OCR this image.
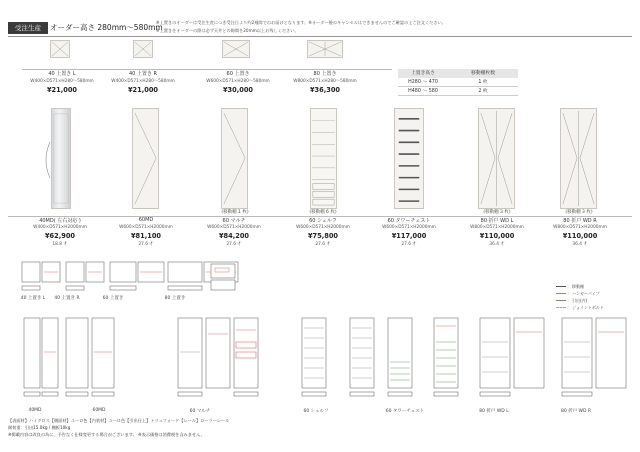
受注生産	オーダー高さ 280mm〜580mm
※上置きのオーダーは受注生産につき受注日より約2週間でのお届けとなります。※オーダー後のキャンセルはできませんのでご確認の上ご注文ください。
※上置きをオーダーの際は必ず天井との隙間を20mm以上お残しください。
40 上置き L
W400×D571×H280〜580mm
¥21,000
40 上置き R
W400×D571×H280〜580mm
¥21,000
60 上置き
W600×D571×H280〜580mm
¥30,000
80 上置き
W800×D571×H280〜580mm
¥36,300
上置き高さ	移動棚枚数
H280 〜 470	1 枚
H480 〜 580	2 枚
(移動棚 1 枚)	(移動棚 6 枚)	(移動棚 3 枚)	(移動棚 3 枚)
40MD( 左右対応 )
W400×D571×H2000mm
¥62,900
18.8 才
60MD
W600×D571×H2000mm
¥81,100
27.6 才
60 マルチ
W600×D571×H2000mm
¥84,200
27.6 才
60 シェルフ
W600×D571×H2000mm
¥75,800
27.6 才
60 タワーチェスト
W600×D571×H2000mm
¥117,000
27.6 才
80 折戸 WD L
W800×D571×H2000mm
¥110,000
36.4 才
80 折戸 WD R
W800×D571×H2000mm
¥110,000
36.4 才
40 上置き L	40 上置き R	60 上置き	80 上置き
：移動棚
：ハンガーパイプ
：引出(内)
：ジョイントボルト
40MD	60MD	60 マルチ	60 シェルフ	60 タワーチェスト	80 折戸 WD L	80 折戸 WD R
【表面材】ハイグロス【側面材】ユーロ色【内装材】ユーロ色【引出仕上】トリュフォード【レール】ローラーレール
耐荷重：引出15.0kg / 棚板10kg
※掲載内容は改良の為に、予告なく仕様変更する場合がございます。 ※表示価格は消費税を含みません。
